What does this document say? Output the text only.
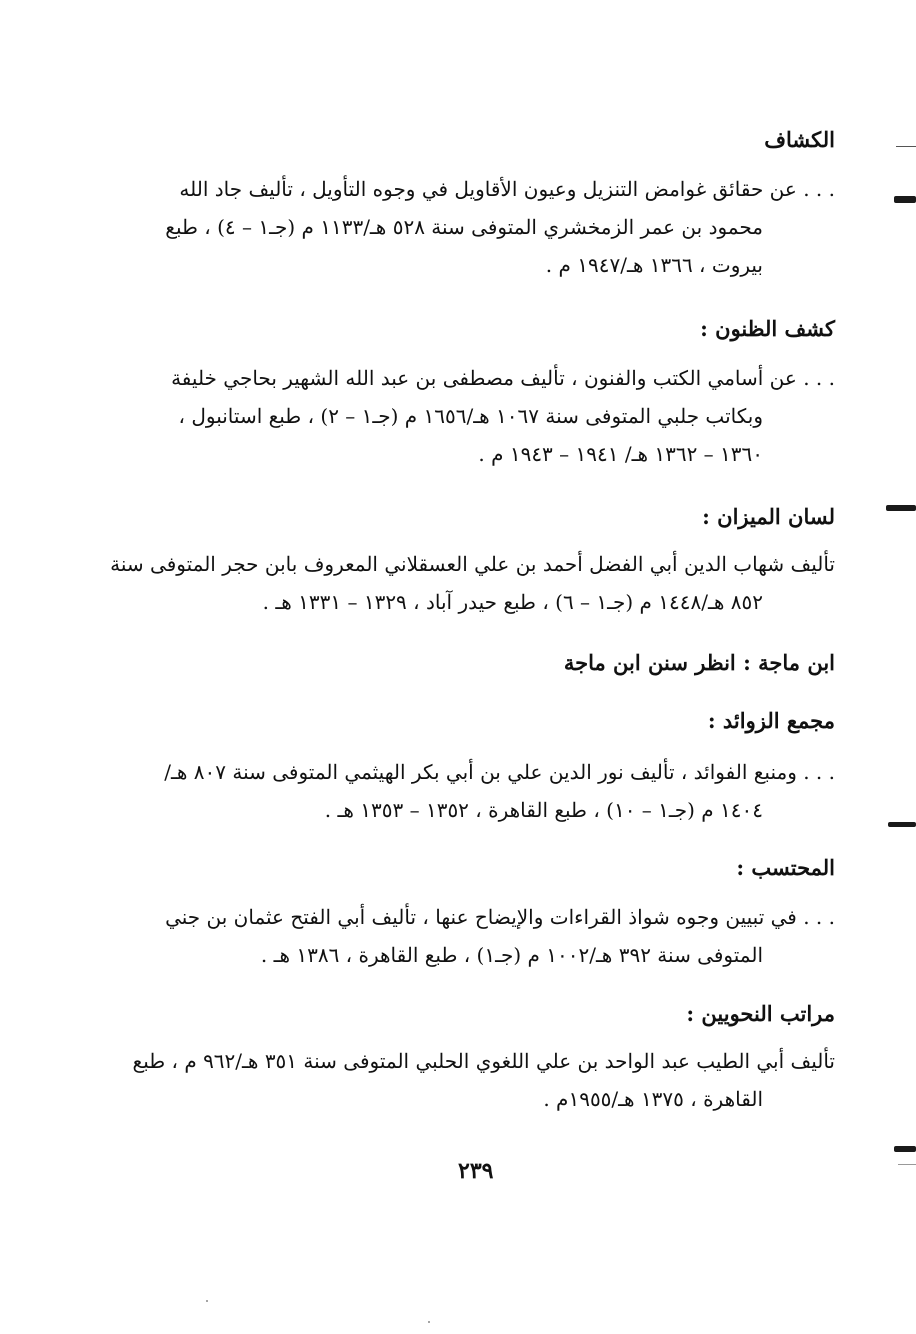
الكشاف

. . . عن حقائق غوامض التنزيل وعيون الأقاويل في وجوه التأويل ، تأليف جاد الله
محمود بن عمر الزمخشري المتوفى سنة ٥٢٨ هـ/١١٣٣ م (جـ١ – ٤) ، طبع
بيروت ، ١٣٦٦ هـ/١٩٤٧ م .

كشف الظنون :

. . . عن أسامي الكتب والفنون ، تأليف مصطفى بن عبد الله الشهير بحاجي خليفة
وبكاتب جلبي المتوفى سنة ١٠٦٧ هـ/١٦٥٦ م (جـ١ – ٢) ، طبع استانبول ،
١٣٦٠ – ١٣٦٢ هـ/ ١٩٤١ – ١٩٤٣ م .

لسان الميزان :

تأليف شهاب الدين أبي الفضل أحمد بن علي العسقلاني المعروف بابن حجر المتوفى سنة
٨٥٢ هـ/١٤٤٨ م (جـ١ – ٦) ، طبع حيدر آباد ، ١٣٢٩ – ١٣٣١ هـ .

ابن ماجة : انظر سنن ابن ماجة

مجمع الزوائد :

. . . ومنبع الفوائد ، تأليف نور الدين علي بن أبي بكر الهيثمي المتوفى سنة ٨٠٧ هـ/
١٤٠٤ م (جـ١ – ١٠) ، طبع القاهرة ، ١٣٥٢ – ١٣٥٣ هـ .

المحتسب :

. . . في تبيين وجوه شواذ القراءات والإيضاح عنها ، تأليف أبي الفتح عثمان بن جني
المتوفى سنة ٣٩٢ هـ/١٠٠٢ م (جـ١) ، طبع القاهرة ، ١٣٨٦ هـ .

مراتب النحويين :

تأليف أبي الطيب عبد الواحد بن علي اللغوي الحلبي المتوفى سنة ٣٥١ هـ/٩٦٢ م ، طبع
القاهرة ، ١٣٧٥ هـ/١٩٥٥م .
٢٣٩
